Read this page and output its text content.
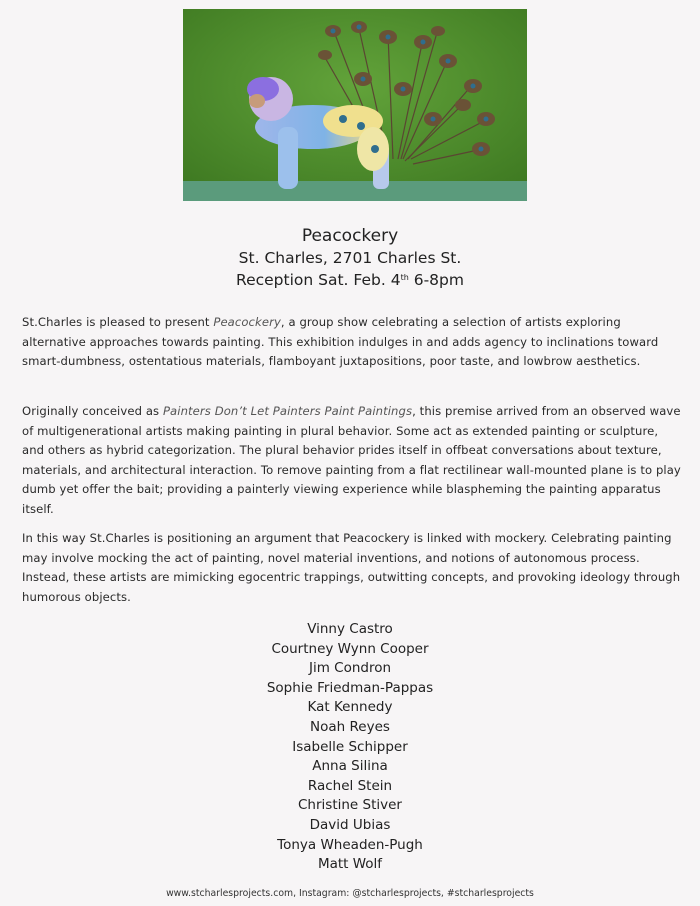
Peacockery
St. Charles, 2701 Charles St.
Reception Sat. Feb. 4th 6-8pm
St.Charles is pleased to present Peacockery, a group show celebrating a selection of artists exploring alternative approaches towards painting. This exhibition indulges in and adds agency to inclinations toward smart-dumbness, ostentatious materials, flamboyant juxtapositions, poor taste, and lowbrow aesthetics.
Originally conceived as Painters Don’t Let Painters Paint Paintings, this premise arrived from an observed wave of multigenerational artists making painting in plural behavior. Some act as extended painting or sculpture, and others as hybrid categorization. The plural behavior prides itself in offbeat conversations about texture, materials, and architectural interaction. To remove painting from a flat rectilinear wall-mounted plane is to play dumb yet offer the bait; providing a painterly viewing experience while blaspheming the painting apparatus itself.
In this way St.Charles is positioning an argument that Peacockery is linked with mockery. Celebrating painting may involve mocking the act of painting, novel material inventions, and notions of autonomous process. Instead, these artists are mimicking egocentric trappings, outwitting concepts, and provoking ideology through humorous objects.
Vinny Castro
Courtney Wynn Cooper
Jim Condron
Sophie Friedman-Pappas
Kat Kennedy
Noah Reyes
Isabelle Schipper
Anna Silina
Rachel Stein
Christine Stiver
David Ubias
Tonya Wheaden-Pugh
Matt Wolf
www.stcharlesprojects.com, Instagram: @stcharlesprojects, #stcharlesprojects
